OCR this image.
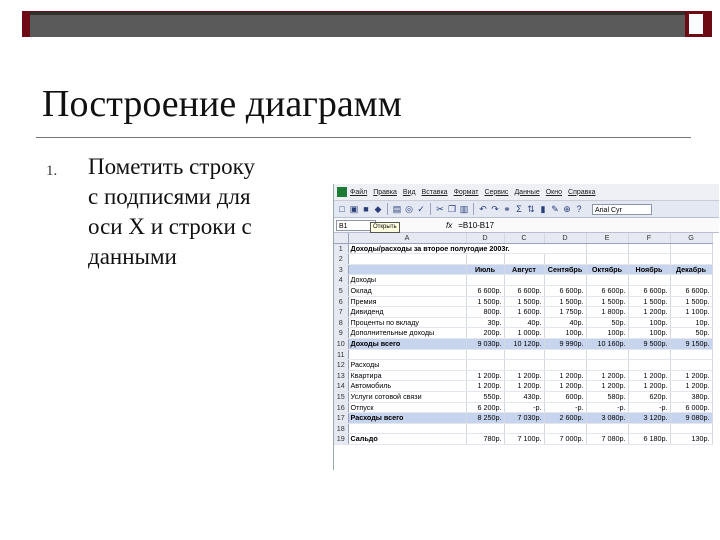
Построение диаграмм
1. Пометить строку
с подписями для
оси X и строки с
данными
Файл Правка Вид Вставка Формат Сервис Данные Окно Справка
□ ▣ ■ ◆ ▤ ◎ ✓ ✂ ❐ ▥ ↶ ↷ ⚭ Σ ⇅ ▮ ✎ ⊕ ?	Arial Cyr
B1	fx =B10-B17
Открыть
	A	D	C	D	E	F	G
1	Доходы/расходы за второе полугодие 2003г.						
2							
3		Июль	Август	Сентябрь	Октябрь	Ноябрь	Декабрь
4	Доходы						
5	Оклад	6 600р.	6 600р.	6 600р.	6 600р.	6 600р.	6 600р.
6	Премия	1 500р.	1 500р.	1 500р.	1 500р.	1 500р.	1 500р.
7	Дивиденд	800р.	1 600р.	1 750р.	1 800р.	1 200р.	1 100р.
8	Проценты по вкладу	30р.	40р.	40р.	50р.	100р.	10р.
9	Дополнительные доходы	200р.	1 000р.	100р.	100р.	100р.	50р.
10	Доходы всего	9 030р.	10 120р.	9 990р.	10 160р.	9 500р.	9 150р.
11							
12	Расходы						
13	Квартира	1 200р.	1 200р.	1 200р.	1 200р.	1 200р.	1 200р.
14	Автомобиль	1 200р.	1 200р.	1 200р.	1 200р.	1 200р.	1 200р.
15	Услуги сотовой связи	550р.	430р.	600р.	580р.	620р.	380р.
16	Отпуск	6 200р.	-р.	-р.	-р.	-р.	6 000р.
17	Расходы всего	8 250р.	7 030р.	2 600р.	3 080р.	3 120р.	9 080р.
18							
19	Сальдо	780р.	7 100р.	7 000р.	7 080р.	6 180р.	130р.
